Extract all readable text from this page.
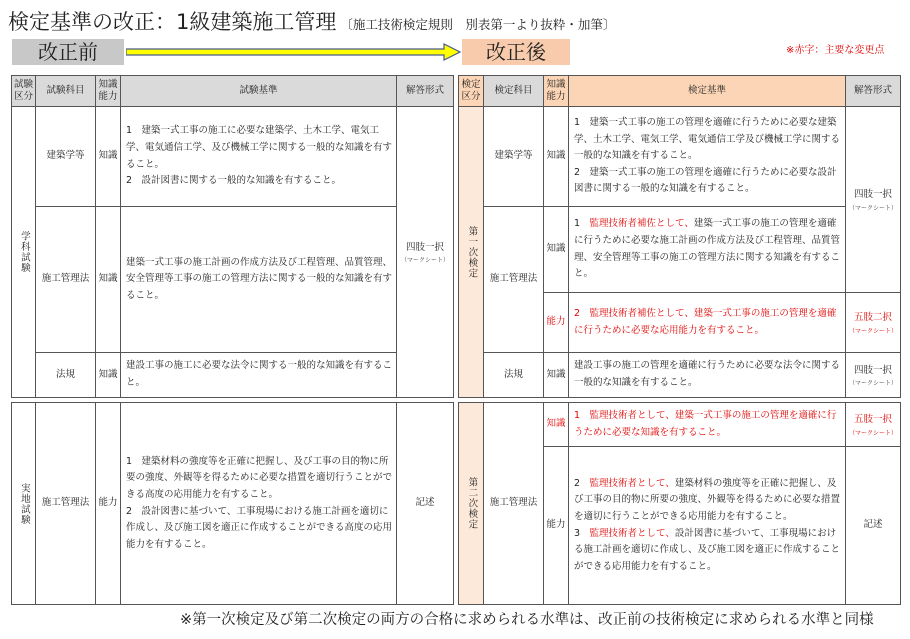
検定基準の改正：1級建築施工管理 〔施工技術検定規則　別表第一より抜粋・加筆〕
改正前	改正後	※赤字：主要な変更点
試験区分	試験科目	知識能力	試験基準	解答形式

学科試験	建築学等	知識	1　建築一式工事の施工に必要な建築学、土木工学、電気工学、電気通信工学、及び機械工学に関する一般的な知識を有すること。
2　設計図書に関する一般的な知識を有すること。	四肢一択
（マークシート）

	施工管理法	知識	建築一式工事の施工計画の作成方法及び工程管理、品質管理、安全管理等工事の施工の管理方法に関する一般的な知識を有すること。	
	法規	知識	建設工事の施工に必要な法令に関する一般的な知識を有すること。	

実地試験	施工管理法	能力	1　建築材料の強度等を正確に把握し、及び工事の目的物に所要の強度、外観等を得るために必要な措置を適切行うことができる高度の応用能力を有すること。
2　設計図書に基づいて、工事現場における施工計画を適切に作成し、及び施工図を適正に作成することができる高度の応用能力を有すること。	記述
検定区分	検定科目	知識能力	検定基準	解答形式

第一次検定	建築学等	知識	1　建築一式工事の施工の管理を適確に行うために必要な建築学、土木工学、電気工学、電気通信工学及び機械工学に関する一般的な知識を有すること。
2　建築一式工事の施工の管理を適確に行うために必要な設計図書に関する一般的な知識を有すること。	四肢一択
（マークシート）

	施工管理法	知識	1　監理技術者補佐として、建築一式工事の施工の管理を適確に行うために必要な施工計画の作成方法及び工程管理、品質管理、安全管理等工事の施工の管理方法に関する知識を有すること。	
		能力	2　監理技術者補佐として、建築一式工事の施工の管理を適確に行うために必要な応用能力を有すること。	五肢二択
（マークシート）

	法規	知識	建設工事の施工の管理を適確に行うために必要な法令に関する一般的な知識を有すること。	四肢一択
（マークシート）

第二次検定	施工管理法	知識	1　監理技術者として、建築一式工事の施工の管理を適確に行うために必要な知識を有すること。	五肢一択
（マークシート）

		能力	2　監理技術者として、建築材料の強度等を正確に把握し、及び工事の目的物に所要の強度、外観等を得るために必要な措置を適切に行うことができる応用能力を有すること。
3　監理技術者として、設計図書に基づいて、工事現場における施工計画を適切に作成し、及び施工図を適正に作成することができる応用能力を有すること。	記述
※第一次検定及び第二次検定の両方の合格に求められる水準は、改正前の技術検定に求められる水準と同様
